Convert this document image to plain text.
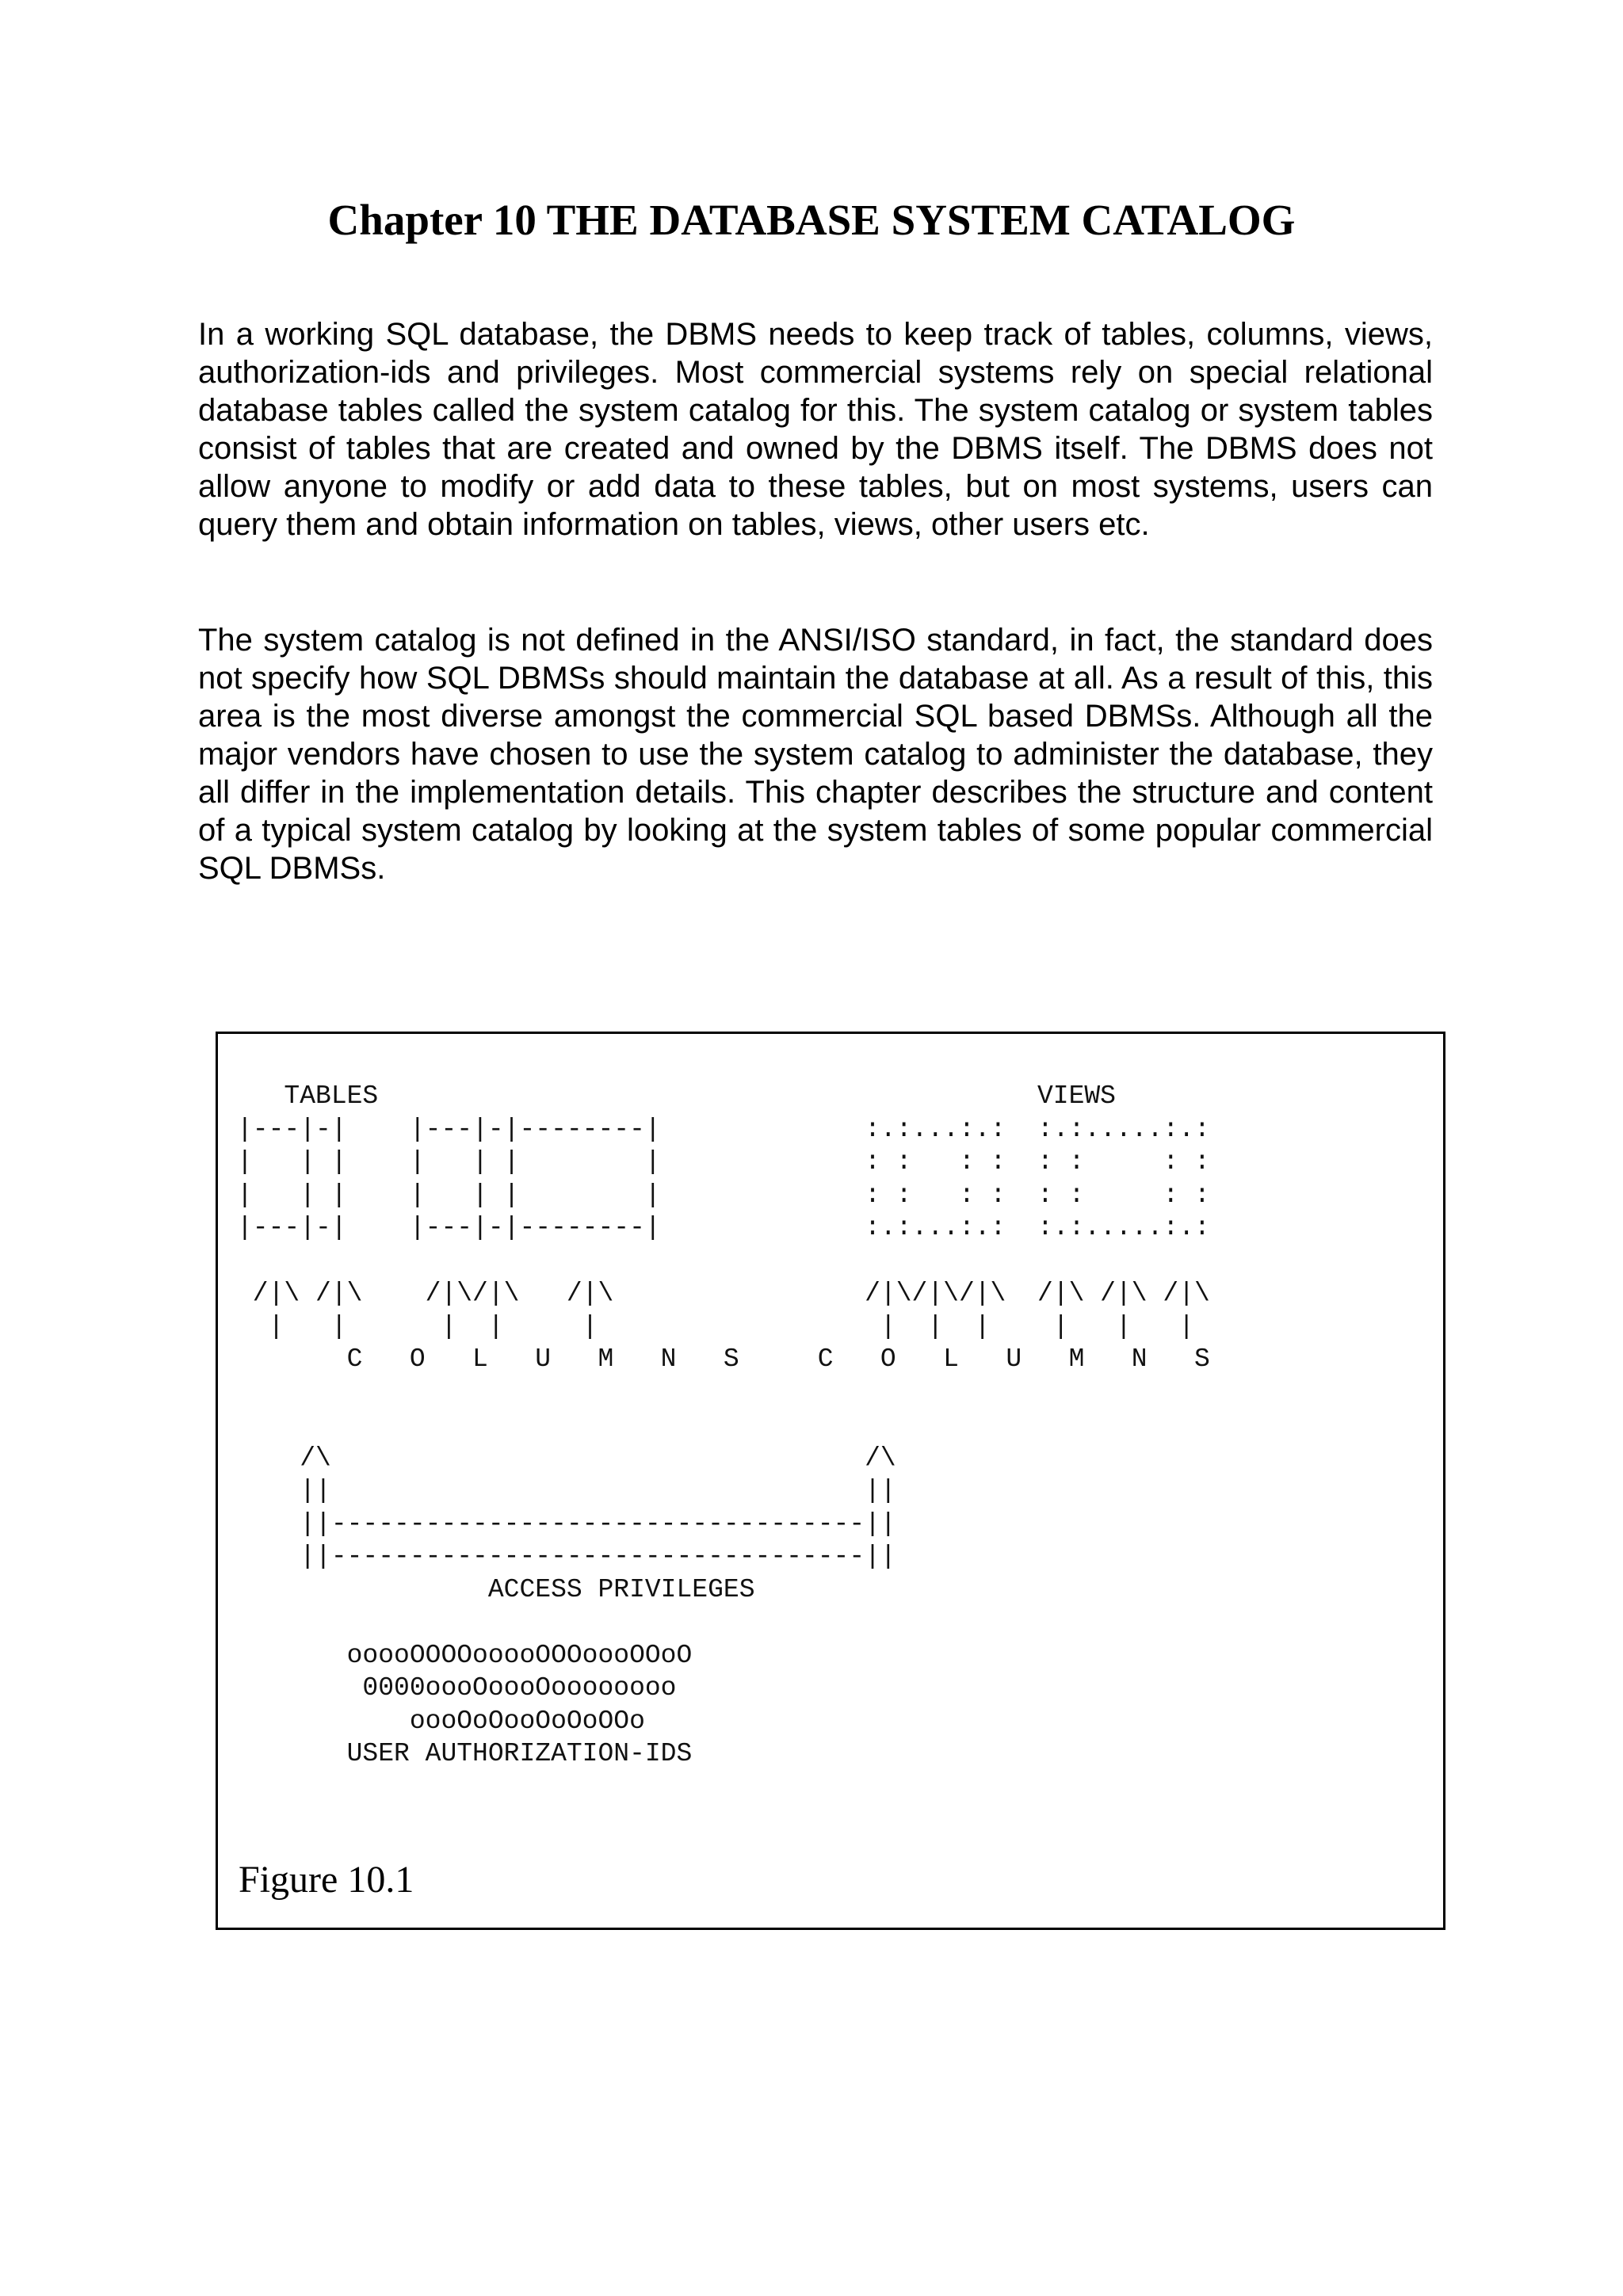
Chapter 10 THE DATABASE SYSTEM CATALOG

In a working SQL database, the DBMS needs to keep track of tables, columns, views,
authorization-ids and privileges. Most commercial systems rely on special relational
database tables called the system catalog for this. The system catalog or system tables
consist of tables that are created and owned by the DBMS itself. The DBMS does not
allow anyone to modify or add data to these tables, but on most systems, users can
query them and obtain information on tables, views, other users etc.

The system catalog is not defined in the ANSI/ISO standard, in fact, the standard does
not specify how SQL DBMSs should maintain the database at all. As a result of this, this
area is the most diverse amongst the commercial SQL based DBMSs. Although all the
major vendors have chosen to use the system catalog to administer the database, they
all differ in the implementation details. This chapter describes the structure and content
of a typical system catalog by looking at the system tables of some popular commercial
SQL DBMSs.

TABLES                                          VIEWS
|---|-|    |---|-|--------|             :.:...:.:  :.:.....:.:
|   | |    |   | |        |             : :   : :  : :     : :
|   | |    |   | |        |             : :   : :  : :     : :
|---|-|    |---|-|--------|             :.:...:.:  :.:.....:.:

/|\ /|\    /|\/|\   /|\                /|\/|\/|\  /|\ /|\ /|\
|   |      |  |     |                  |  |  |    |   |   |
C   O   L   U   M   N   S     C   O   L   U   M   N   S

/\                                  /\
||                                  ||
||----------------------------------||
||----------------------------------||
ACCESS PRIVILEGES

ooooOOOOooooOOOoooOOoO
0000oooOoooOoooooooo
oooOoOooOoOoOOo
USER AUTHORIZATION-IDS
Figure 10.1
